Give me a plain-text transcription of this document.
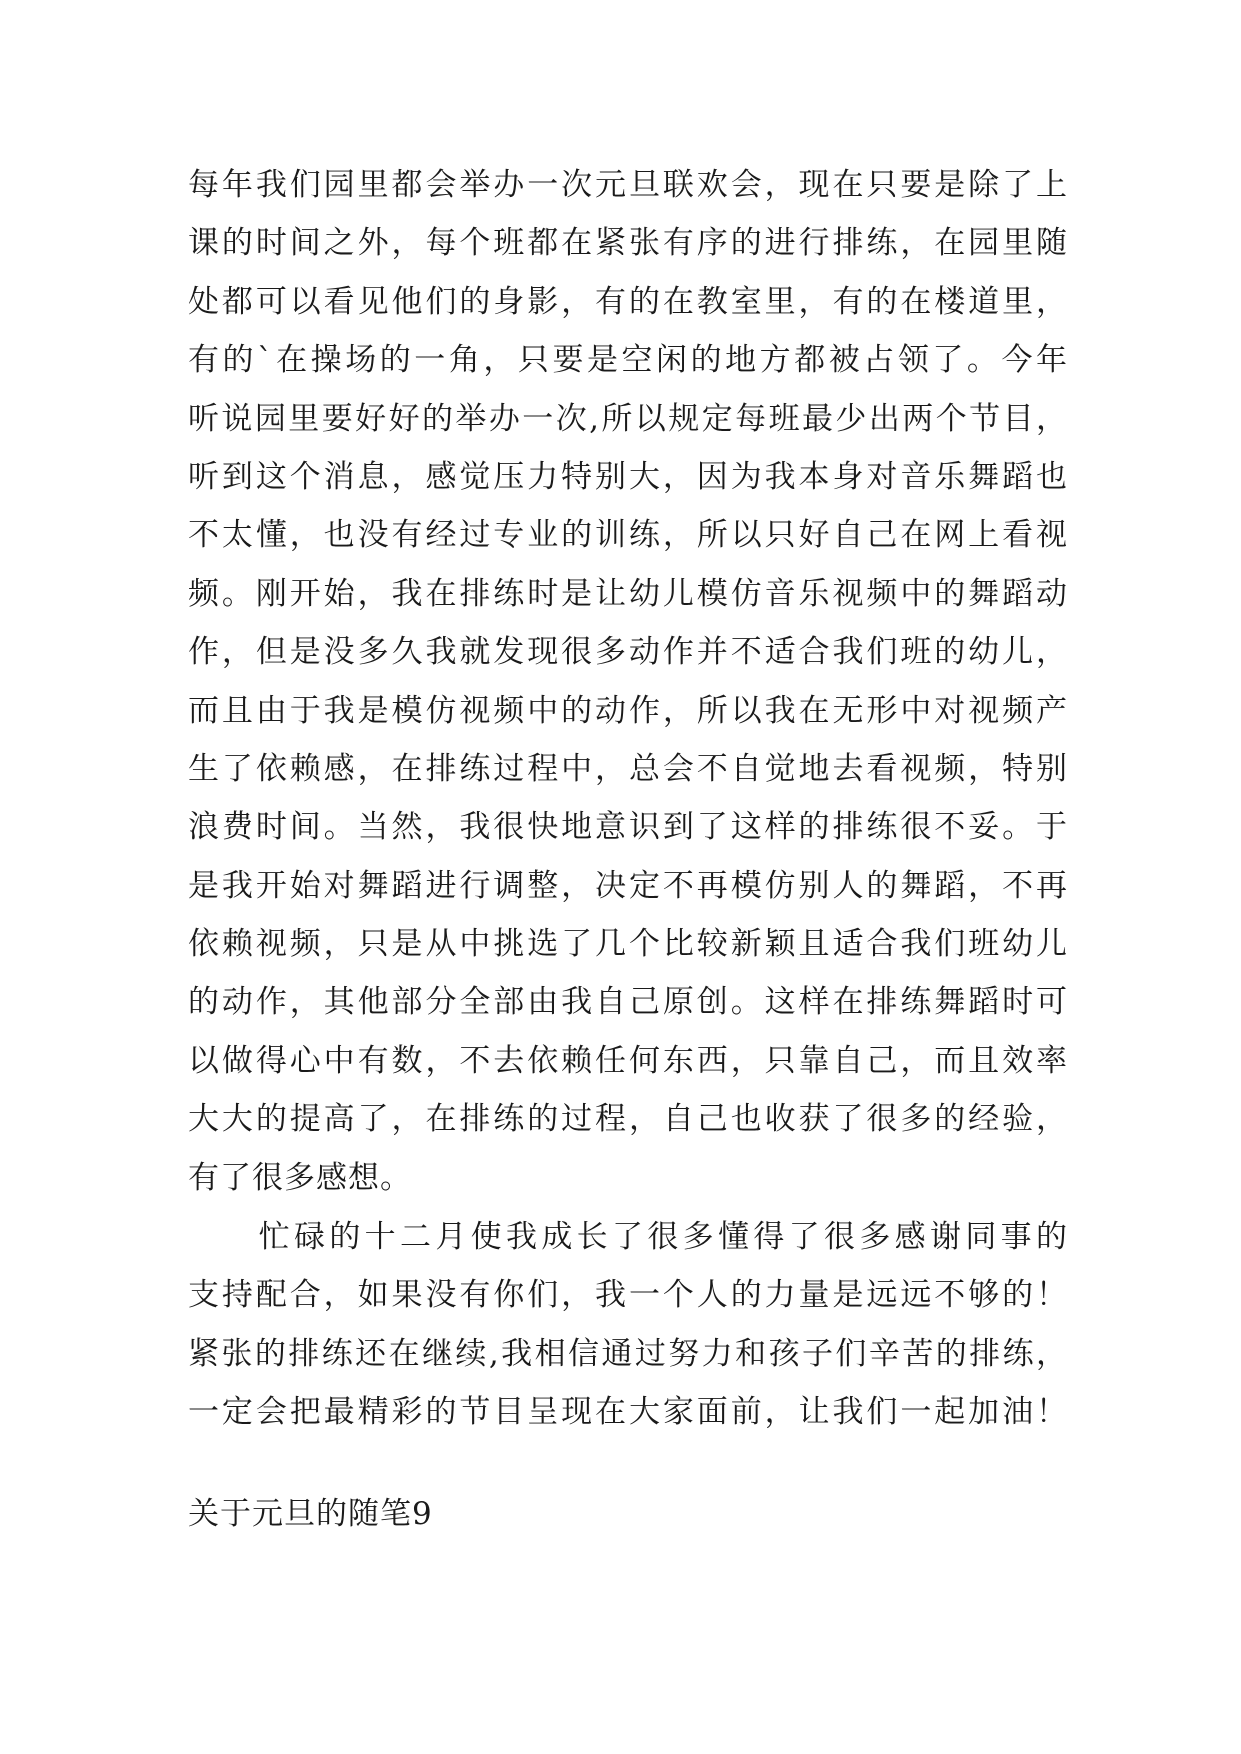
每年我们园里都会举办一次元旦联欢会，现在只要是除了上
课的时间之外，每个班都在紧张有序的进行排练，在园里随
处都可以看见他们的身影，有的在教室里，有的在楼道里，
有的`在操场的一角，只要是空闲的地方都被占领了。今年
听说园里要好好的举办一次,所以规定每班最少出两个节目，
听到这个消息，感觉压力特别大，因为我本身对音乐舞蹈也
不太懂，也没有经过专业的训练，所以只好自己在网上看视
频。刚开始，我在排练时是让幼儿模仿音乐视频中的舞蹈动
作，但是没多久我就发现很多动作并不适合我们班的幼儿，
而且由于我是模仿视频中的动作，所以我在无形中对视频产
生了依赖感，在排练过程中，总会不自觉地去看视频，特别
浪费时间。当然，我很快地意识到了这样的排练很不妥。于
是我开始对舞蹈进行调整，决定不再模仿别人的舞蹈，不再
依赖视频，只是从中挑选了几个比较新颖且适合我们班幼儿
的动作，其他部分全部由我自己原创。这样在排练舞蹈时可
以做得心中有数，不去依赖任何东西，只靠自己，而且效率
大大的提高了，在排练的过程，自己也收获了很多的经验，
有了很多感想。
　　忙碌的十二月使我成长了很多懂得了很多感谢同事的
支持配合，如果没有你们，我一个人的力量是远远不够的！
紧张的排练还在继续,我相信通过努力和孩子们辛苦的排练，
一定会把最精彩的节目呈现在大家面前，让我们一起加油！
关于元旦的随笔9
